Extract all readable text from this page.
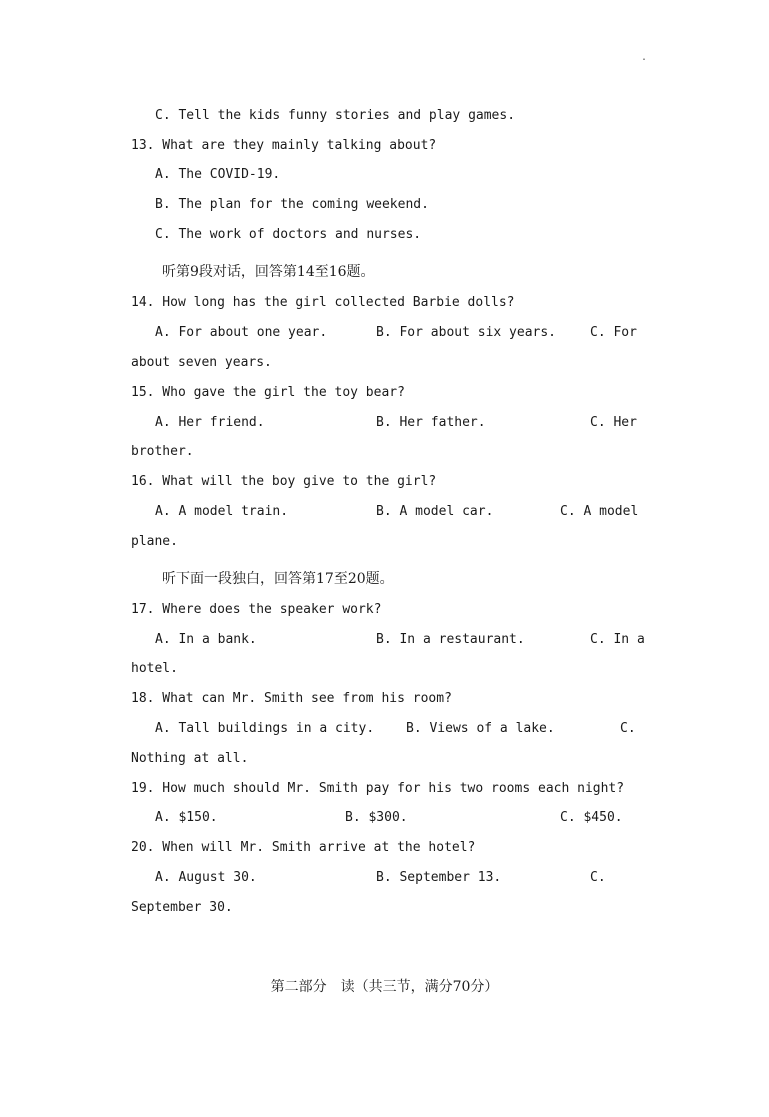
.
C. Tell the kids funny stories and play games.
13. What are they mainly talking about?
A. The COVID-19.
B. The plan for the coming weekend.
C. The work of doctors and nurses.
听第9段对话，回答第14至16题。
14. How long has the girl collected Barbie dolls?
A. For about one year.	B. For about six years.	C. For
about seven years.
15. Who gave the girl the toy bear?
A. Her friend.	B. Her father.	C. Her
brother.
16. What will the boy give to the girl?
A. A model train.	B. A model car.	C. A model
plane.
听下面一段独白，回答第17至20题。
17. Where does the speaker work?
A. In a bank.	B. In a restaurant.	C. In a
hotel.
18. What can Mr. Smith see from his room?
A. Tall buildings in a city. B. Views of a lake.	C.
Nothing at all.
19. How much should Mr. Smith pay for his two rooms each night?
A. $150.	B. $300.	C. $450.
20. When will Mr. Smith arrive at the hotel?
A. August 30.	B. September 13.	C.
September 30.
第二部分　读（共三节，满分70分）
